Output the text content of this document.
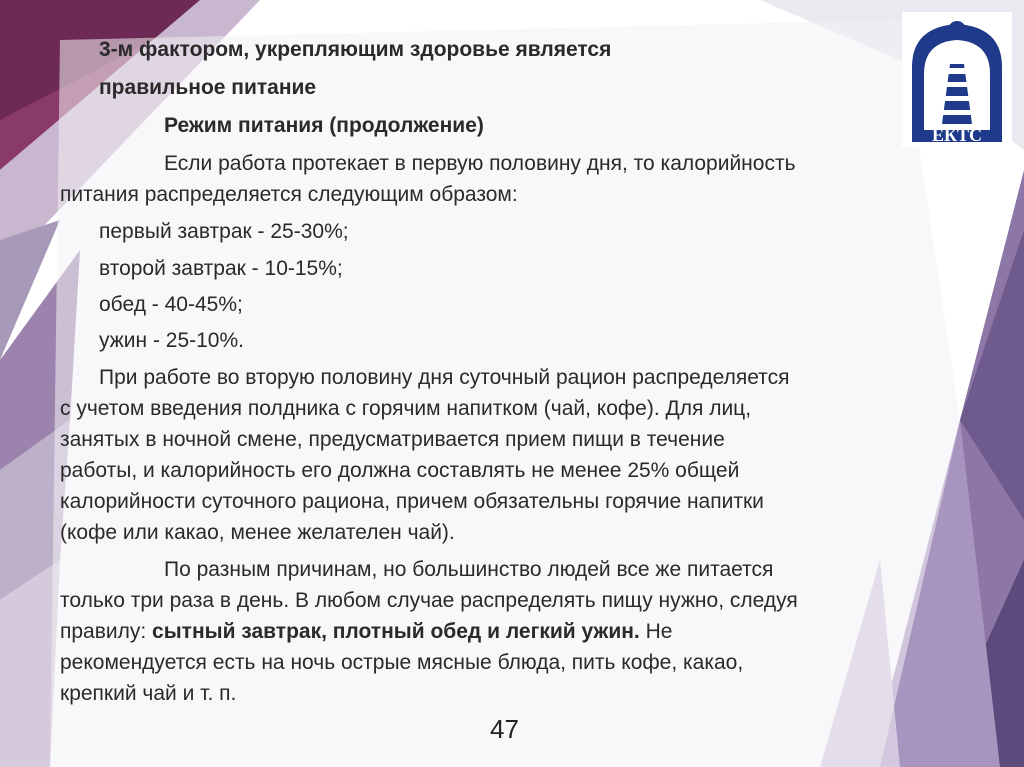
ЕКТС
3-м фактором, укрепляющим здоровье является
правильное питание
Режим питания (продолжение)
Если работа протекает в первую половину дня, то калорийность
питания распределяется следующим образом:
первый завтрак - 25-30%;
второй завтрак - 10-15%;
обед - 40-45%;
ужин - 25-10%.
При работе во вторую половину дня суточный рацион распределяется
с учетом введения полдника с горячим напитком (чай, кофе). Для лиц,
занятых в ночной смене, предусматривается прием пищи в течение
работы, и калорийность его должна составлять не менее 25% общей
калорийности суточного рациона, причем обязательны горячие напитки
(кофе или какао, менее желателен чай).
По разным причинам, но большинство людей все же питается
только три раза в день. В любом случае распределять пищу нужно, следуя
правилу: сытный завтрак, плотный обед и легкий ужин. Не
рекомендуется есть на ночь острые мясные блюда, пить кофе, какао,
крепкий чай и т. п.
47
